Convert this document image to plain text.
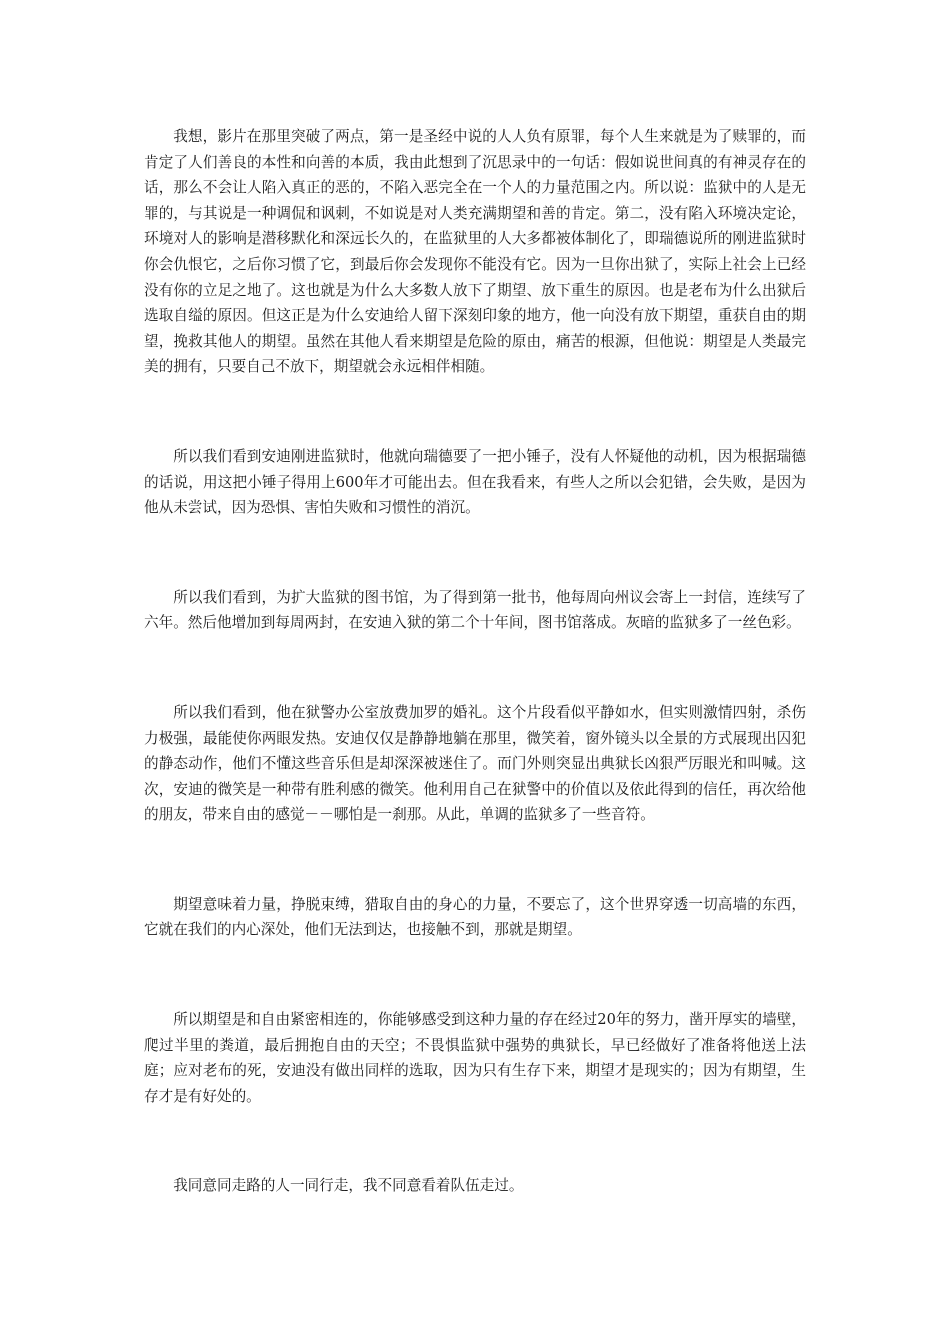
我想，影片在那里突破了两点，第一是圣经中说的人人负有原罪，每个人生来就是为了赎罪的，而肯定了人们善良的本性和向善的本质，我由此想到了沉思录中的一句话：假如说世间真的有神灵存在的话，那么不会让人陷入真正的恶的，不陷入恶完全在一个人的力量范围之内。所以说：监狱中的人是无罪的，与其说是一种调侃和讽刺，不如说是对人类充满期望和善的肯定。第二，没有陷入环境决定论，环境对人的影响是潜移默化和深远长久的，在监狱里的人大多都被体制化了，即瑞德说所的刚进监狱时你会仇恨它，之后你习惯了它，到最后你会发现你不能没有它。因为一旦你出狱了，实际上社会上已经没有你的立足之地了。这也就是为什么大多数人放下了期望、放下重生的原因。也是老布为什么出狱后选取自缢的原因。但这正是为什么安迪给人留下深刻印象的地方，他一向没有放下期望，重获自由的期望，挽救其他人的期望。虽然在其他人看来期望是危险的原由，痛苦的根源，但他说：期望是人类最完美的拥有，只要自己不放下，期望就会永远相伴相随。

所以我们看到安迪刚进监狱时，他就向瑞德要了一把小锤子，没有人怀疑他的动机，因为根据瑞德的话说，用这把小锤子得用上600年才可能出去。但在我看来，有些人之所以会犯错，会失败，是因为他从未尝试，因为恐惧、害怕失败和习惯性的消沉。

所以我们看到，为扩大监狱的图书馆，为了得到第一批书，他每周向州议会寄上一封信，连续写了六年。然后他增加到每周两封，在安迪入狱的第二个十年间，图书馆落成。灰暗的监狱多了一丝色彩。

所以我们看到，他在狱警办公室放费加罗的婚礼。这个片段看似平静如水，但实则激情四射，杀伤力极强，最能使你两眼发热。安迪仅仅是静静地躺在那里，微笑着，窗外镜头以全景的方式展现出囚犯的静态动作，他们不懂这些音乐但是却深深被迷住了。而门外则突显出典狱长凶狠严厉眼光和叫喊。这次，安迪的微笑是一种带有胜利感的微笑。他利用自己在狱警中的价值以及依此得到的信任，再次给他的朋友，带来自由的感觉－－哪怕是一刹那。从此，单调的监狱多了一些音符。

期望意味着力量，挣脱束缚，猎取自由的身心的力量，不要忘了，这个世界穿透一切高墙的东西，它就在我们的内心深处，他们无法到达，也接触不到，那就是期望。

所以期望是和自由紧密相连的，你能够感受到这种力量的存在经过20年的努力，凿开厚实的墙壁，爬过半里的粪道，最后拥抱自由的天空；不畏惧监狱中强势的典狱长，早已经做好了准备将他送上法庭；应对老布的死，安迪没有做出同样的选取，因为只有生存下来，期望才是现实的；因为有期望，生存才是有好处的。

我同意同走路的人一同行走，我不同意看着队伍走过。
